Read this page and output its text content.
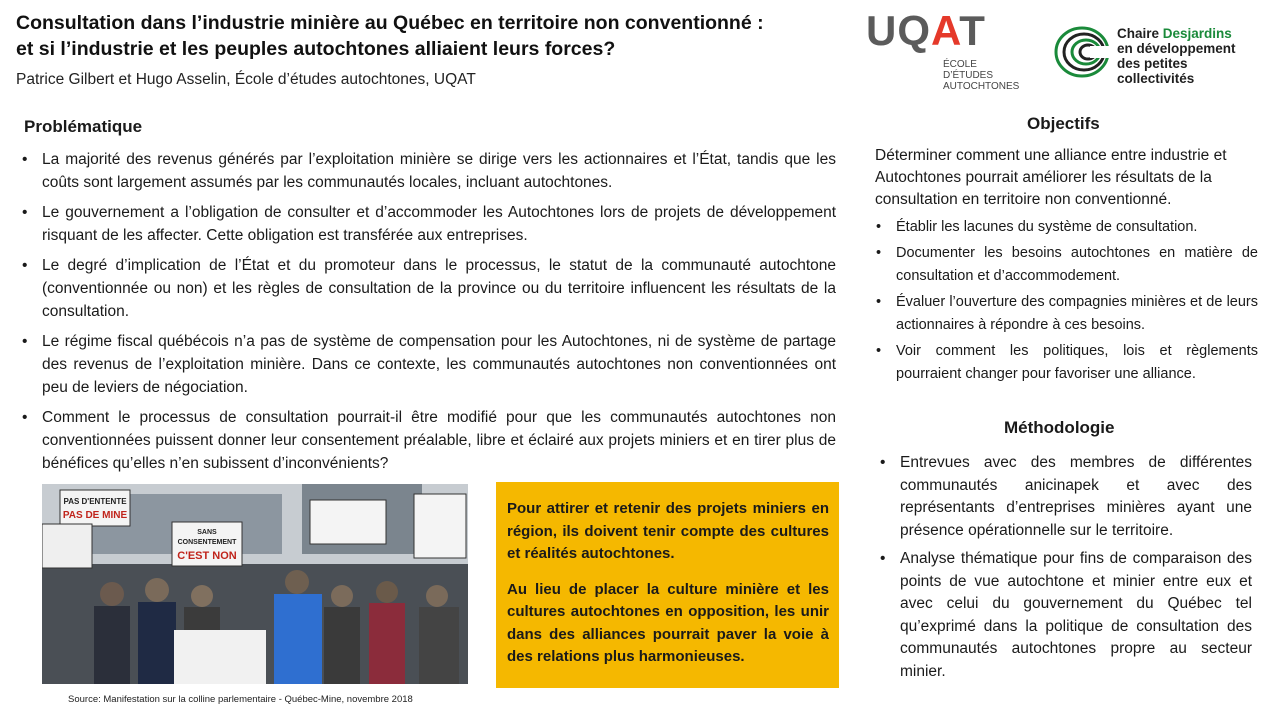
Consultation dans l’industrie minière au Québec en territoire non conventionné :
et si l’industrie et les peuples autochtones alliaient leurs forces?
Patrice Gilbert et Hugo Asselin, École d’études autochtones, UQAT
UQAT
ÉCOLE D’ÉTUDES
AUTOCHTONES
Chaire Desjardins
en développement
des petites collectivités
Problématique
• La majorité des revenus générés par l’exploitation minière se dirige vers les actionnaires et l’État, tandis que les coûts sont largement assumés par les communautés locales, incluant autochtones.
• Le gouvernement a l’obligation de consulter et d’accommoder les Autochtones lors de projets de développement risquant de les affecter. Cette obligation est transférée aux entreprises.
• Le degré d’implication de l’État et du promoteur dans le processus, le statut de la communauté autochtone (conventionnée ou non) et les règles de consultation de la province ou du territoire influencent les résultats de la consultation.
• Le régime fiscal québécois n’a pas de système de compensation pour les Autochtones, ni de système de partage des revenus de l’exploitation minière. Dans ce contexte, les communautés autochtones non conventionnées ont peu de leviers de négociation.
• Comment le processus de consultation pourrait-il être modifié pour que les communautés autochtones non conventionnées puissent donner leur consentement préalable, libre et éclairé aux projets miniers et en tirer plus de bénéfices qu’elles n’en subissent d’inconvénients?
PAS D'ENTENTE
PAS DE MINE
SANS
CONSENTEMENT
C'EST NON
Source: Manifestation sur la colline parlementaire - Québec-Mine, novembre 2018

Pour attirer et retenir des projets miniers en région, ils doivent tenir compte des cultures et réalités autochtones.

Au lieu de placer la culture minière et les cultures autochtones en opposition, les unir dans des alliances pourrait paver la voie à des relations plus harmonieuses.

Objectifs
Déterminer comment une alliance entre industrie et Autochtones pourrait améliorer les résultats de la consultation en territoire non conventionné.
• Établir les lacunes du système de consultation.
• Documenter les besoins autochtones en matière de consultation et d’accommodement.
• Évaluer l’ouverture des compagnies minières et de leurs actionnaires à répondre à ces besoins.
• Voir comment les politiques, lois et règlements pourraient changer pour favoriser une alliance.
Méthodologie
• Entrevues avec des membres de différentes communautés anicinapek et avec des représentants d’entreprises minières ayant une présence opérationnelle sur le territoire.
• Analyse thématique pour fins de comparaison des points de vue autochtone et minier entre eux et avec celui du gouvernement du Québec tel qu’exprimé dans la politique de consultation des communautés autochtones propre au secteur minier.
